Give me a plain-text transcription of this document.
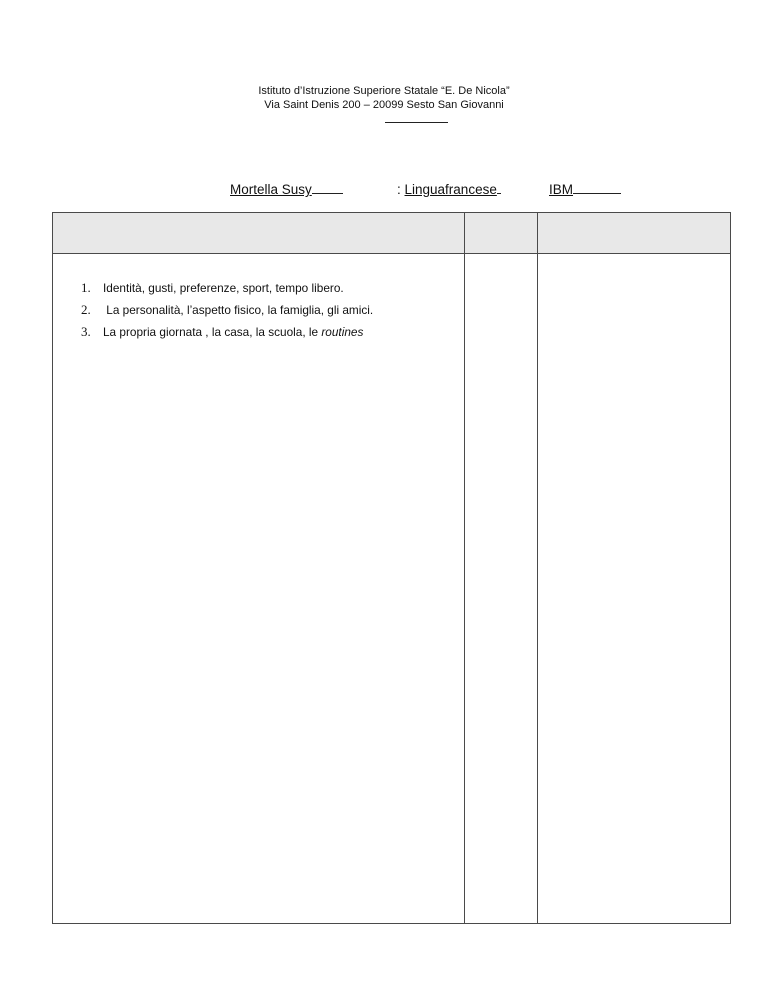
Istituto d’Istruzione Superiore Statale “E. De Nicola”
Via Saint Denis 200 – 20099 Sesto San Giovanni
Mortella Susy	: Linguafrancese	IBM
1. Identità, gusti, preferenze, sport, tempo libero.
2. La personalità, l’aspetto fisico, la famiglia, gli amici.
3. La propria giornata , la casa, la scuola, le routines
